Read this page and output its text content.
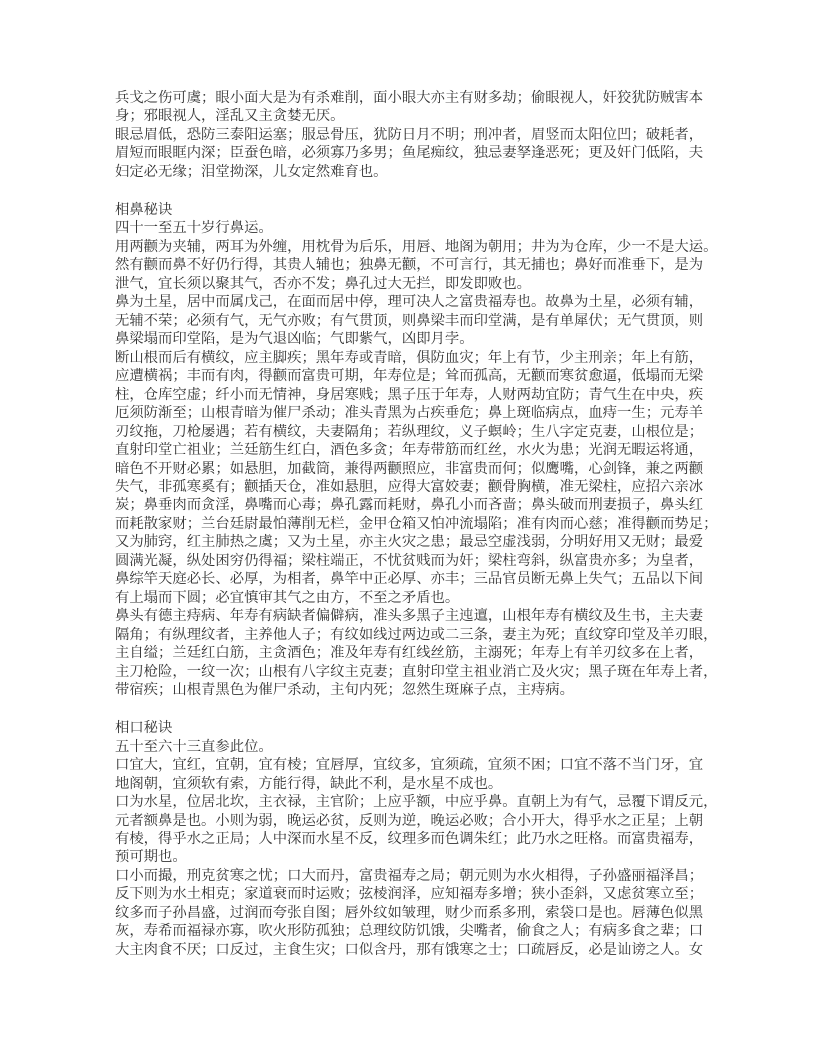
兵戈之伤可虞；眼小面大是为有杀难削，面小眼大亦主有财多劫；偷眼视人，奸狡犹防贼害本
身；邪眼视人，淫乱又主贪婪无厌。
眼忌眉低，恐防三泰阳运塞；服忌骨压，犹防日月不明；刑冲者，眉竖而太阳位凹；破耗者，
眉短而眼眶内深；臣蚕色暗，必须寡乃多男；鱼尾痴纹，独忌妻孥逢恶死；更及奸门低陷，夫
妇定必无缘；泪堂拗深，儿女定然难育也。
相鼻秘诀
四十一至五十岁行鼻运。
用两颧为夹辅，两耳为外缠，用枕骨为后乐，用唇、地阁为朝用；井为为仓库，少一不是大运。
然有颧而鼻不好仍行得，其贵人辅也；独鼻无颧，不可言行，其无捕也；鼻好而准垂下，是为
泄气，宜长须以聚其气，否亦不发；鼻孔过大无拦，即发即败也。
鼻为土星，居中而属戊己，在面而居中停，理可决人之富贵福寿也。故鼻为土星，必须有辅，
无辅不荣；必须有气，无气亦败；有气贯顶，则鼻梁丰而印堂满，是有单犀伏；无气贯顶，则
鼻梁塌而印堂陷，是为气退凶临；气即紫气，凶即月孛。
断山根而后有横纹，应主脚疾；黑年寿或青暗，俱防血灾；年上有节，少主刑亲；年上有筋，
应遭横祸；丰而有肉，得颧而富贵可期，年寿位是；耸而孤高，无颧而寒贫愈逼，低塌而无梁
柱，仓库空虚；纤小而无情神，身居寒贱；黑子压于年寿，人财两劫宜防；青气生在中央，疾
厄须防渐至；山根青暗为催尸杀动；准头青黑为占疾垂危；鼻上斑临病点，血痔一生；元寿羊
刃纹拖，刀枪屡遇；若有横纹，夫妻隔角；若纵理纹，义子螟岭；生八字定克妻，山根位是；
直射印堂亡祖业；兰廷筋生红白，酒色多贪；年寿带筋而红丝，水火为患；光润无暇运将通，
暗色不开财必累；如悬胆，加截筒，兼得两颧照应，非富贵而何；似鹰嘴，心剑锋，兼之两颧
失气，非孤寒奚有；颧插天仓，准如悬胆，应得大富姣妻；颧骨胸横，准无梁柱，应招六亲冰
炭；鼻垂肉而贪淫，鼻嘴而心毒；鼻孔露而耗财，鼻孔小而吝啬；鼻头破而刑妻损子，鼻头红
而耗散家财；兰台廷尉最怕薄削无栏，金甲仓箱又怕冲流塌陷；准有肉而心慈；准得颧而势足；
又为肺窍，红主肺热之虞；又为土星，亦主火灾之患；最忌空虚浅弱，分明好用又无财；最爱
圆满光凝，纵处困穷仍得福；梁柱端正，不忧贫贱而为奸；梁柱弯斜，纵富贵亦多；为皇者，
鼻综竿天庭必长、必厚，为相者，鼻竿中正必厚、亦丰；三品官员断无鼻上失气；五品以下间
有上塌而下圆；必宜慎审其气之由方，不至之矛盾也。
鼻头有德主痔病、年寿有病缺者偏僻病，准头多黑子主迍邅，山根年寿有横纹及生书，主夫妻
隔角；有纵理纹者，主养他人子；有纹如线过两边或二三条，妻主为死；直纹穿印堂及羊刃眼，
主自缢；兰廷红白筋，主贪酒色；准及年寿有红线丝筋，主溺死；年寿上有羊刃纹多在上者，
主刀枪险，一纹一次；山根有八字纹主克妻；直射印堂主祖业消亡及火灾；黑子斑在年寿上者，
带宿疾；山根青黑色为催尸杀动，主旬内死；忽然生斑麻子点，主痔病。
相口秘诀
五十至六十三直参此位。
口宜大，宜红，宜朝，宜有棱；宜唇厚，宜纹多，宜须疏，宜须不困；口宜不落不当门牙，宜
地阁朝，宜须软有索，方能行得，缺此不利，是水星不成也。
口为水星，位居北坎，主衣禄，主官阶；上应乎额，中应乎鼻。直朝上为有气，忌覆下谓反元，
元者额鼻是也。小则为弱，晚运必贫，反则为逆，晚运必败；合小开大，得乎水之正星；上朝
有棱，得乎水之正局；人中深而水星不反，纹理多而色调朱红；此乃水之旺格。而富贵福寿，
预可期也。
口小而撮，刑克贫寒之忧；口大而丹，富贵福寿之局；朝元则为水火相得，子孙盛丽福泽昌；
反下则为水土相克；家道衰而时运败；弦棱润泽，应知福寿多增；狭小歪斜，又虑贫寒立至；
纹多而子孙昌盛，过润而夸张自图；唇外纹如皱理，财少而系多刑，索袋口是也。唇薄色似黑
灰，寿希而福禄亦寡，吹火形防孤独；总理纹防饥饿，尖嘴者，偷食之人；有病多食之辈；口
大主肉食不厌；口反过，主食生灾；口似含丹，那有饿寒之士；口疏唇反，必是讪谤之人。女
